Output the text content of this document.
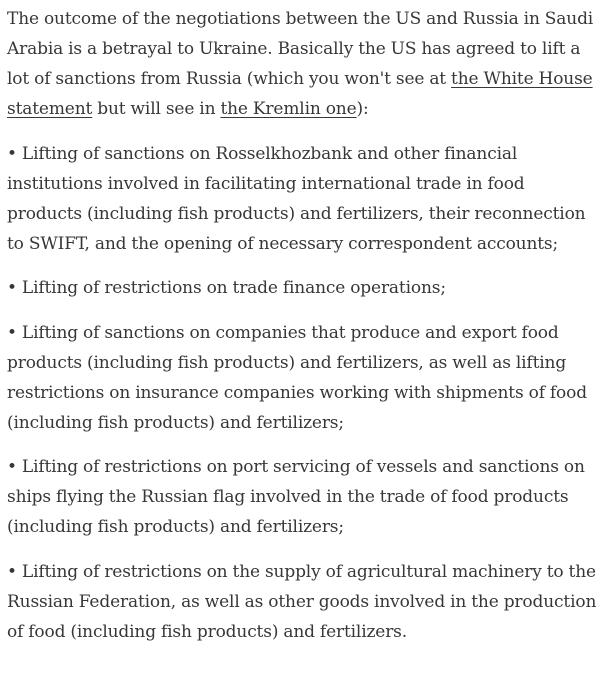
The outcome of the negotiations between the US and Russia in Saudi Arabia is a betrayal to Ukraine. Basically the US has agreed to lift a lot of sanctions from Russia (which you won't see at the White House statement but will see in the Kremlin one):

• Lifting of sanctions on Rosselkhozbank and other financial institutions involved in facilitating international trade in food products (including fish products) and fertilizers, their reconnection to SWIFT, and the opening of necessary correspondent accounts;

• Lifting of restrictions on trade finance operations;

• Lifting of sanctions on companies that produce and export food products (including fish products) and fertilizers, as well as lifting restrictions on insurance companies working with shipments of food (including fish products) and fertilizers;

• Lifting of restrictions on port servicing of vessels and sanctions on ships flying the Russian flag involved in the trade of food products (including fish products) and fertilizers;

• Lifting of restrictions on the supply of agricultural machinery to the Russian Federation, as well as other goods involved in the production of food (including fish products) and fertilizers.
